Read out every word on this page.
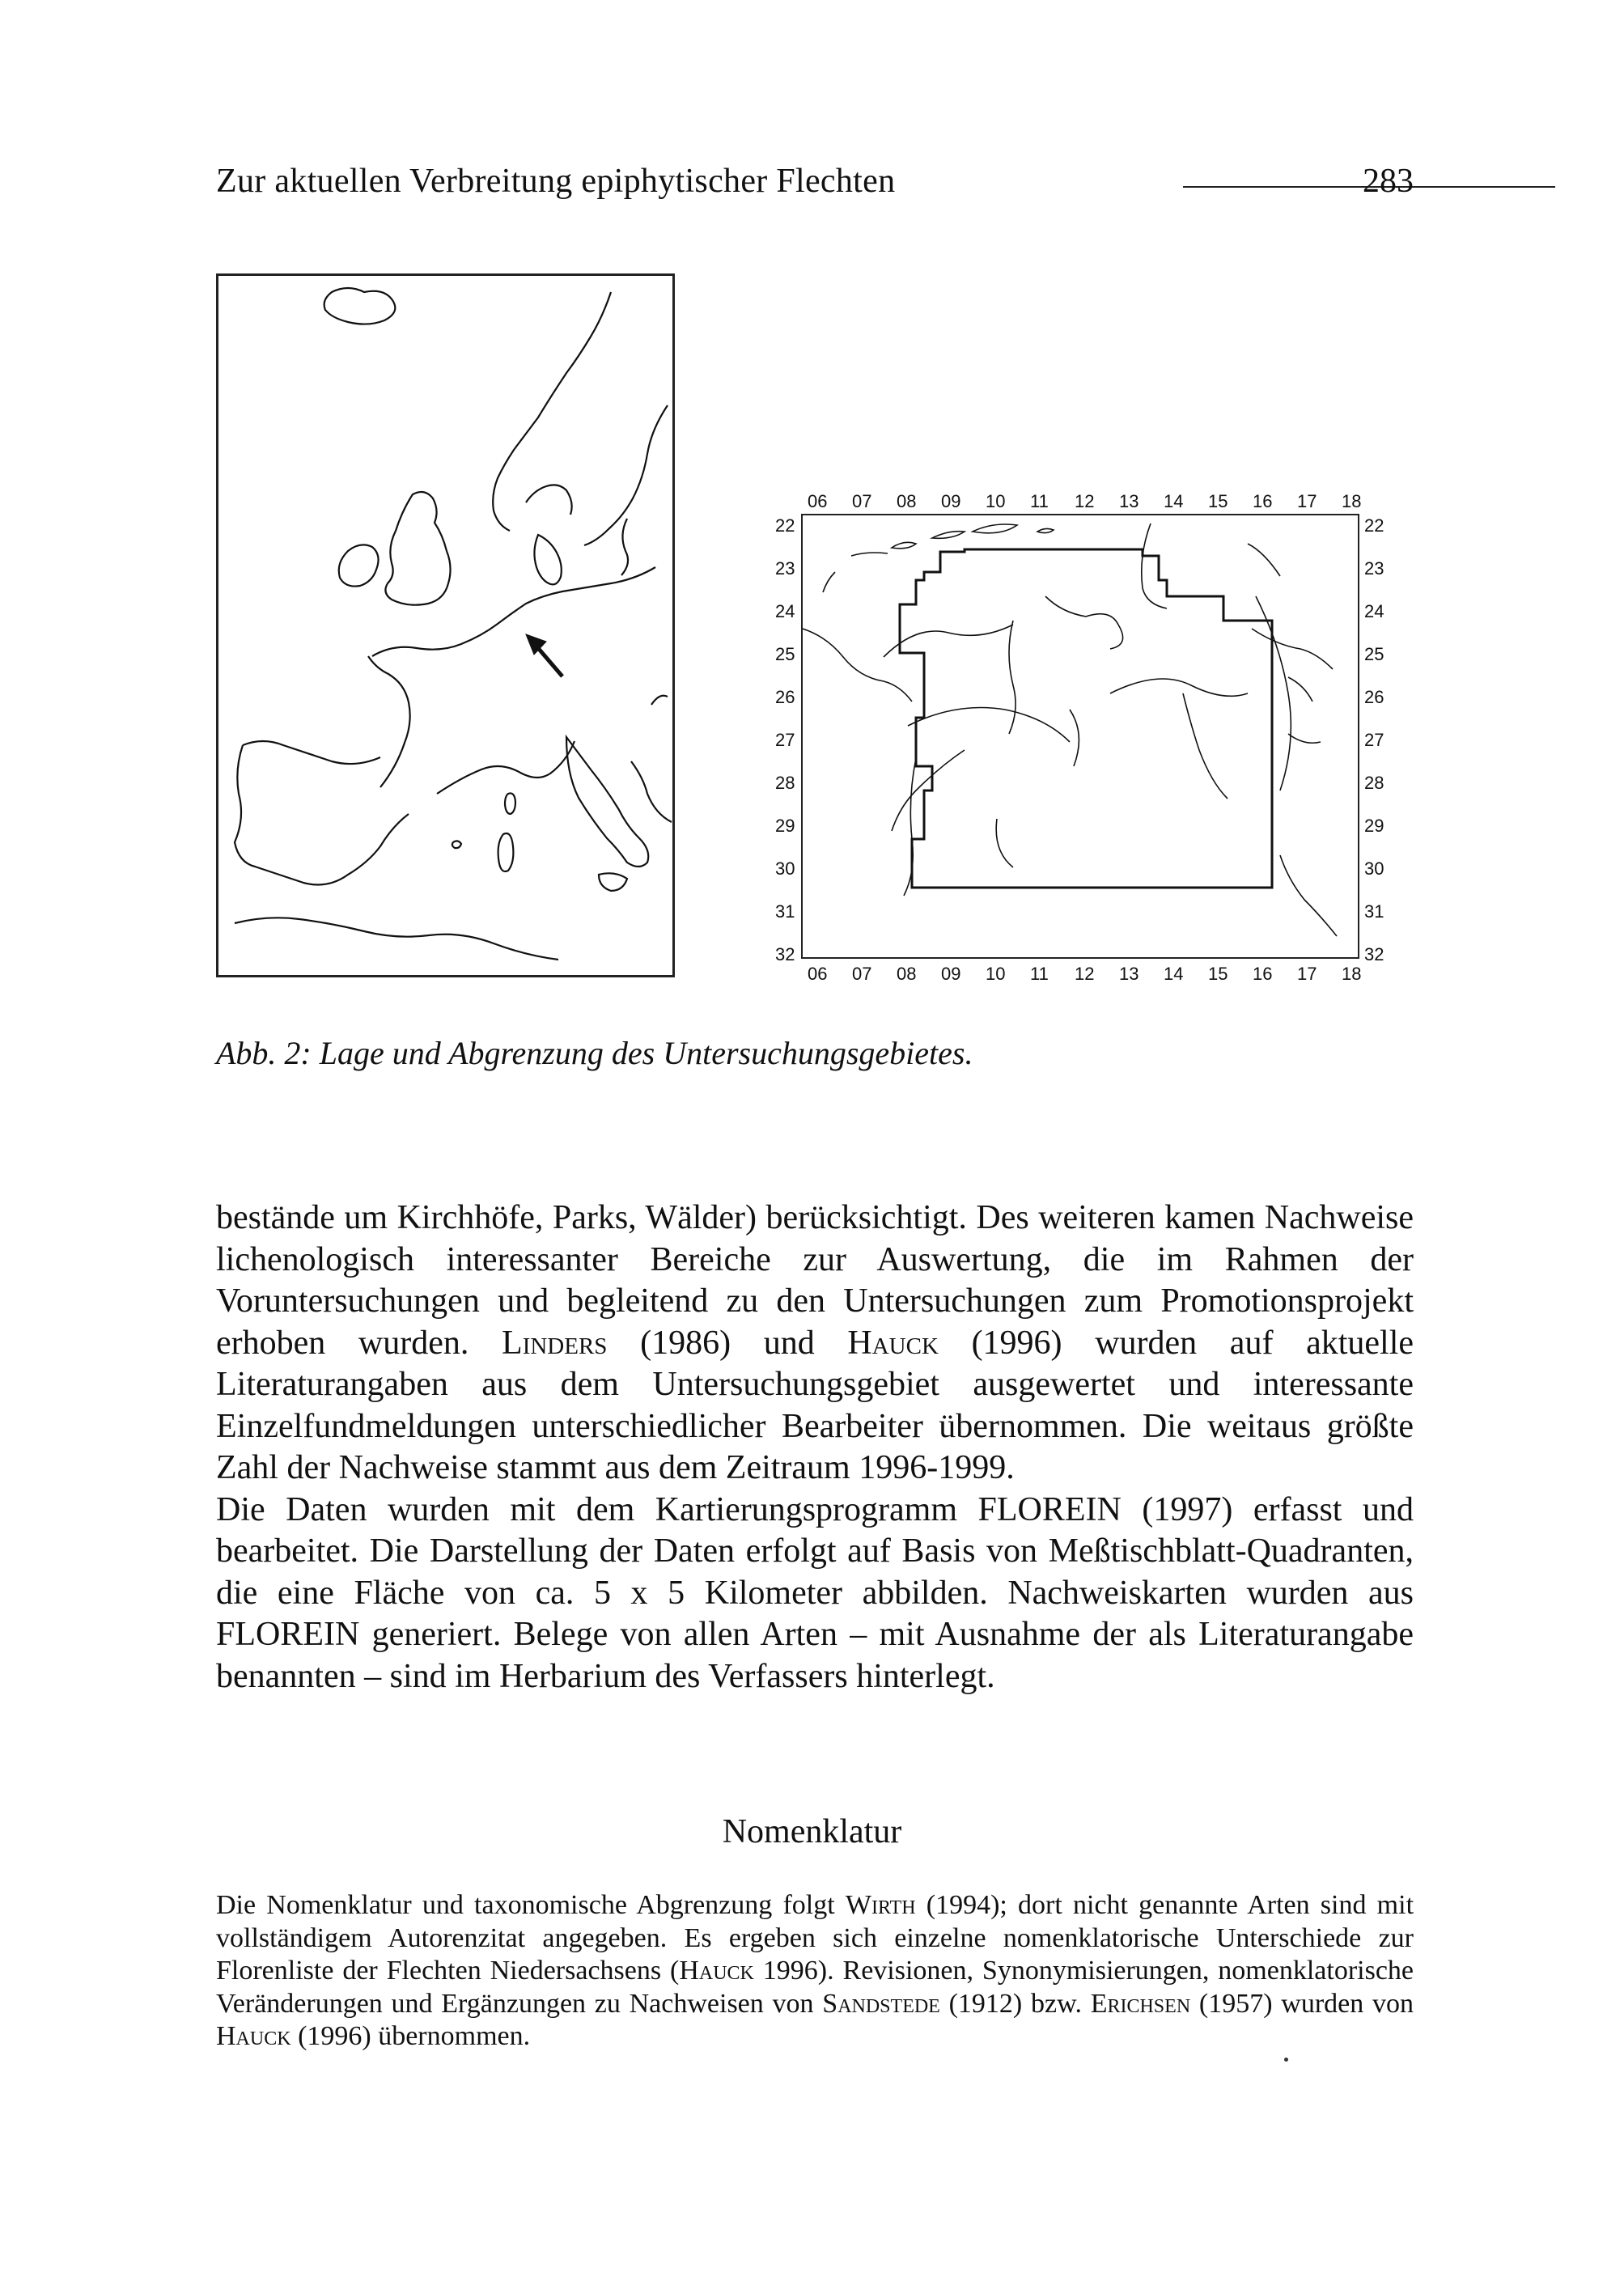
Zur aktuellen Verbreitung epiphytischer Flechten	283
06
06
07
07
08
08
09
09
10
10
11
11
12
12
13
13
14
14
15
15
16
16
17
17
18
18
22	22
23	23
24	24
25	25
26	26
27	27
28	28
29	29
30	30
31	31
32	32
Abb. 2: Lage und Abgrenzung des Untersuchungsgebietes.

bestände um Kirchhöfe, Parks, Wälder) berücksichtigt. Des weiteren kamen Nachweise lichenologisch interessanter Bereiche zur Auswertung, die im Rahmen der Voruntersuchungen und begleitend zu den Untersuchungen zum Promotionsprojekt erhoben wurden. Linders (1986) und Hauck (1996) wurden auf aktuelle Literaturangaben aus dem Untersuchungsgebiet ausgewertet und interessante Einzelfundmeldungen unterschiedlicher Bearbeiter übernommen. Die weitaus größte Zahl der Nachweise stammt aus dem Zeitraum 1996-1999.

Die Daten wurden mit dem Kartierungsprogramm FLOREIN (1997) erfasst und bearbeitet. Die Darstellung der Daten erfolgt auf Basis von Meßtischblatt-Quadranten, die eine Fläche von ca. 5 x 5 Kilometer abbilden. Nachweiskarten wurden aus FLOREIN generiert. Belege von allen Arten – mit Ausnahme der als Literaturangabe benannten – sind im Herbarium des Verfassers hinterlegt.

Nomenklatur

Die Nomenklatur und taxonomische Abgrenzung folgt Wirth (1994); dort nicht genannte Arten sind mit vollständigem Autorenzitat angegeben. Es ergeben sich einzelne nomenklatorische Unterschiede zur Florenliste der Flechten Niedersachsens (Hauck 1996). Revisionen, Synonymisierungen, nomenklatorische Veränderungen und Ergänzungen zu Nachweisen von Sandstede (1912) bzw. Erichsen (1957) wurden von Hauck (1996) übernommen.
